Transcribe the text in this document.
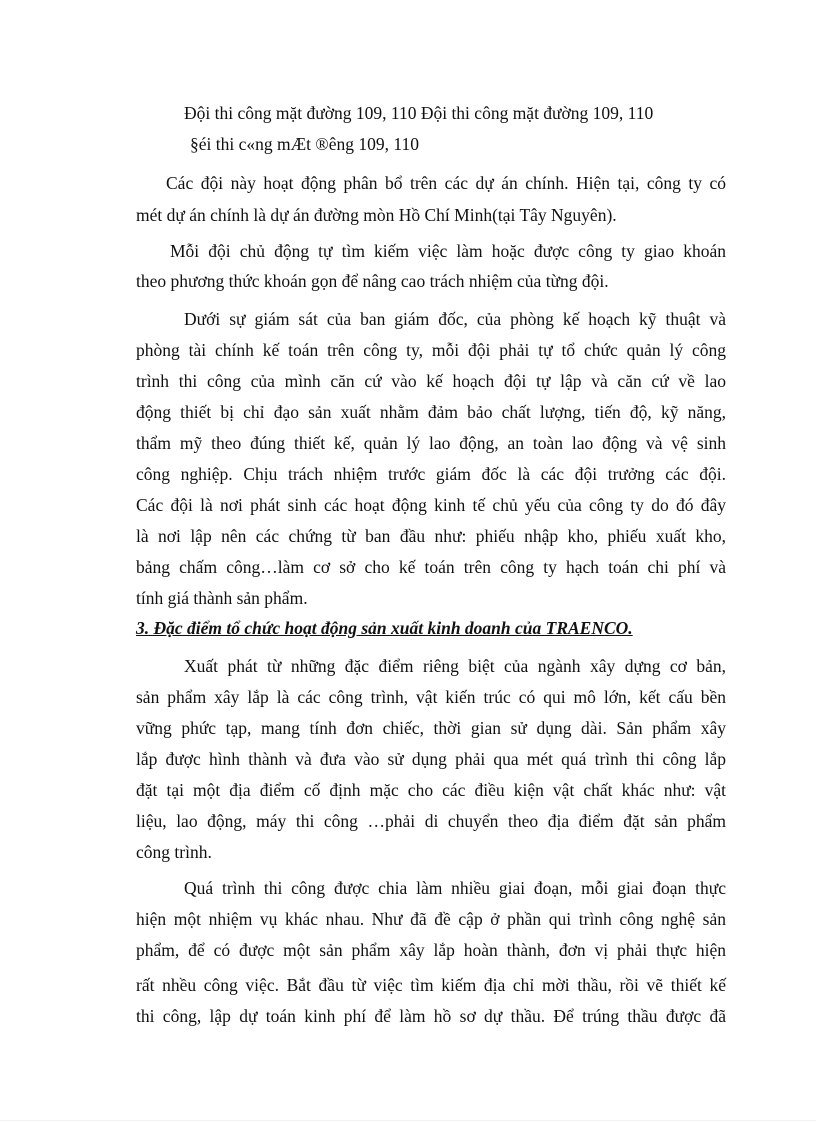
Đội thi công mặt đường 109, 110 Đội thi công mặt đường 109, 110
§éi thi c«ng mÆt ®êng 109, 110
Các đội này hoạt động phân bổ trên các dự án chính. Hiện tại, công ty có
mét dự án chính là dự án đường mòn Hồ Chí Minh(tại Tây Nguyên).
Mỗi đội chủ động tự tìm kiếm việc làm hoặc được công ty giao khoán
theo phương thức khoán gọn để nâng cao trách nhiệm của từng đội.
Dưới sự giám sát của ban giám đốc, của phòng kế hoạch kỹ thuật và
phòng tài chính kế toán trên công ty, mỗi đội phải tự tổ chức quản lý công
trình thi công của mình căn cứ vào kế hoạch đội tự lập và căn cứ về lao
động thiết bị chỉ đạo sản xuất nhằm đảm bảo chất lượng, tiến độ, kỹ năng,
thẩm mỹ theo đúng thiết kế, quản lý lao động, an toàn lao động và vệ sinh
công nghiệp. Chịu trách nhiệm trước giám đốc là các đội trưởng các đội.
Các đội là nơi phát sinh các hoạt động kinh tế chủ yếu của công ty do đó đây
là nơi lập nên các chứng từ ban đầu như: phiếu nhập kho, phiếu xuất kho,
bảng chấm công…làm cơ sở cho kế toán trên công ty hạch toán chi phí và
tính giá thành sản phẩm.
3. Đặc điểm tổ chức hoạt động sản xuất kinh doanh của TRAENCO.
Xuất phát từ những đặc điểm riêng biệt của ngành xây dựng cơ bản,
sản phẩm xây lắp là các công trình, vật kiến trúc có qui mô lớn, kết cấu bền
vững phức tạp, mang tính đơn chiếc, thời gian sử dụng dài. Sản phẩm xây
lắp được hình thành và đưa vào sử dụng phải qua mét quá trình thi công lắp
đặt tại một địa điểm cố định mặc cho các điều kiện vật chất khác như: vật
liệu, lao động, máy thi công …phải di chuyển theo địa điểm đặt sản phẩm
công trình.
Quá trình thi công được chia làm nhiều giai đoạn, mỗi giai đoạn thực
hiện một nhiệm vụ khác nhau. Như đã đề cập ở phần qui trình công nghệ sản
phẩm, để có được một sản phẩm xây lắp hoàn thành, đơn vị phải thực hiện
rất nhều công việc. Bắt đầu từ việc tìm kiếm địa chỉ mời thầu, rồi vẽ thiết kế
thi công, lập dự toán kinh phí để làm hồ sơ dự thầu. Để trúng thầu được đã
